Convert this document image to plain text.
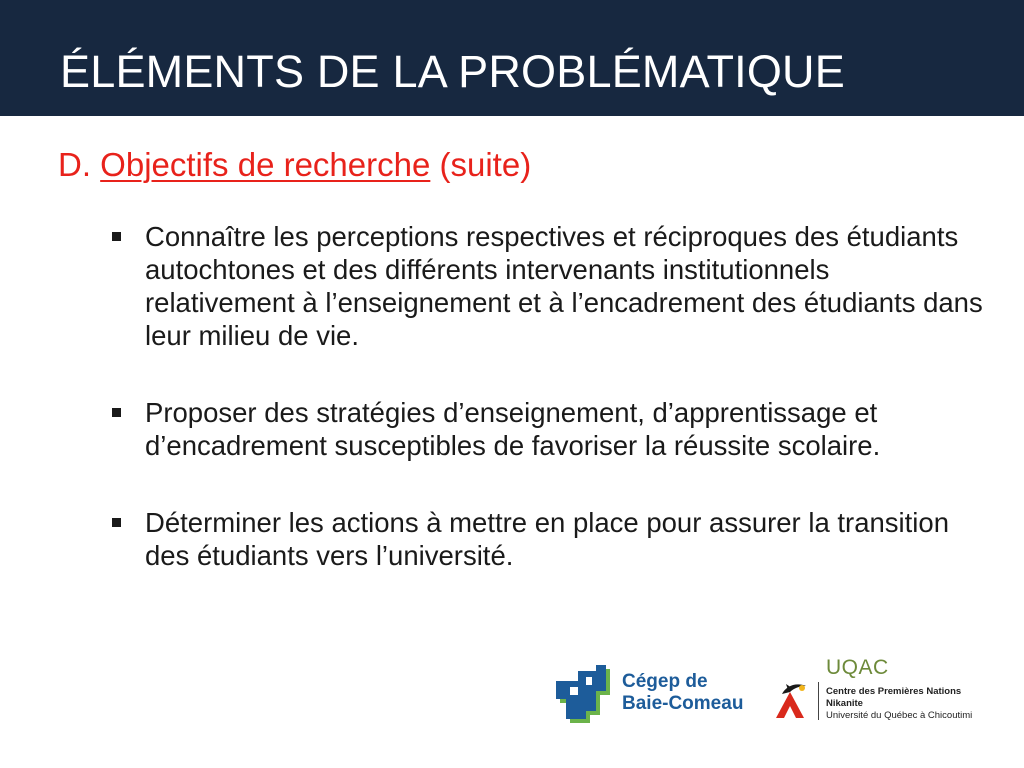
ÉLÉMENTS DE LA PROBLÉMATIQUE
D. Objectifs de recherche (suite)
Connaître les perceptions respectives et réciproques des étudiants autochtones et des différents intervenants institutionnels relativement à l’enseignement et à l’encadrement des étudiants dans leur milieu de vie.
Proposer des stratégies d’enseignement, d’apprentissage et d’encadrement susceptibles de favoriser la réussite scolaire.
Déterminer les actions à mettre en place pour assurer la transition des étudiants vers l’université.
Cégep de
Baie-Comeau
UQAC
Centre des Premières Nations
Nikanite
Université du Québec à Chicoutimi
